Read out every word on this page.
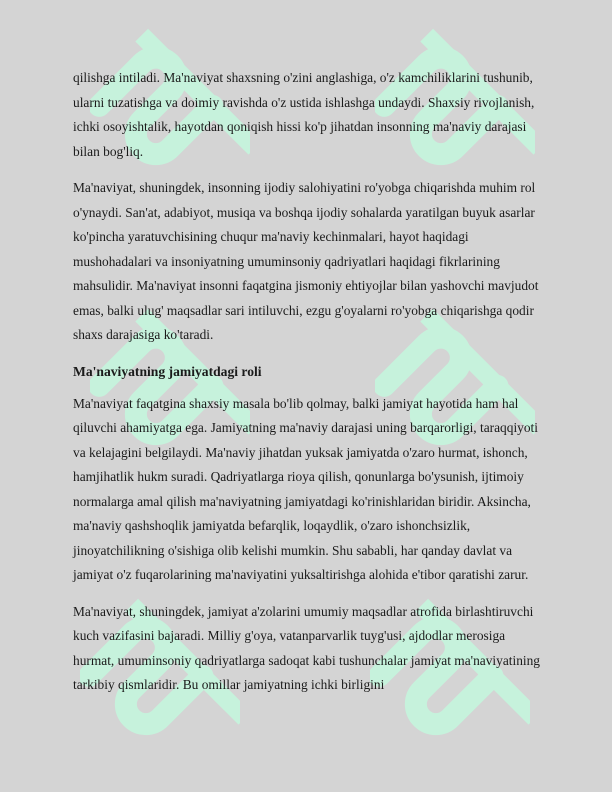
qilishga intiladi. Ma'naviyat shaxsning o'zini anglashiga, o'z kamchiliklarini tushunib, ularni tuzatishga va doimiy ravishda o'z ustida ishlashga undaydi. Shaxsiy rivojlanish, ichki osoyishtalik, hayotdan qoniqish hissi ko'p jihatdan insonning ma'naviy darajasi bilan bog'liq.

Ma'naviyat, shuningdek, insonning ijodiy salohiyatini ro'yobga chiqarishda muhim rol o'ynaydi. San'at, adabiyot, musiqa va boshqa ijodiy sohalarda yaratilgan buyuk asarlar ko'pincha yaratuvchisining chuqur ma'naviy kechinmalari, hayot haqidagi mushohadalari va insoniyatning umuminsoniy qadriyatlari haqidagi fikrlarining mahsulidir. Ma'naviyat insonni faqatgina jismoniy ehtiyojlar bilan yashovchi mavjudot emas, balki ulug' maqsadlar sari intiluvchi, ezgu g'oyalarni ro'yobga chiqarishga qodir shaxs darajasiga ko'taradi.

Ma'naviyatning jamiyatdagi roli

Ma'naviyat faqatgina shaxsiy masala bo'lib qolmay, balki jamiyat hayotida ham hal qiluvchi ahamiyatga ega. Jamiyatning ma'naviy darajasi uning barqarorligi, taraqqiyoti va kelajagini belgilaydi. Ma'naviy jihatdan yuksak jamiyatda o'zaro hurmat, ishonch, hamjihatlik hukm suradi. Qadriyatlarga rioya qilish, qonunlarga bo'ysunish, ijtimoiy normalarga amal qilish ma'naviyatning jamiyatdagi ko'rinishlaridan biridir. Aksincha, ma'naviy qashshoqlik jamiyatda befarqlik, loqaydlik, o'zaro ishonchsizlik, jinoyatchilikning o'sishiga olib kelishi mumkin. Shu sababli, har qanday davlat va jamiyat o'z fuqarolarining ma'naviyatini yuksaltirishga alohida e'tibor qaratishi zarur.

Ma'naviyat, shuningdek, jamiyat a'zolarini umumiy maqsadlar atrofida birlashtiruvchi kuch vazifasini bajaradi. Milliy g'oya, vatanparvarlik tuyg'usi, ajdodlar merosiga hurmat, umuminsoniy qadriyatlarga sadoqat kabi tushunchalar jamiyat ma'naviyatining tarkibiy qismlaridir. Bu omillar jamiyatning ichki birligini
